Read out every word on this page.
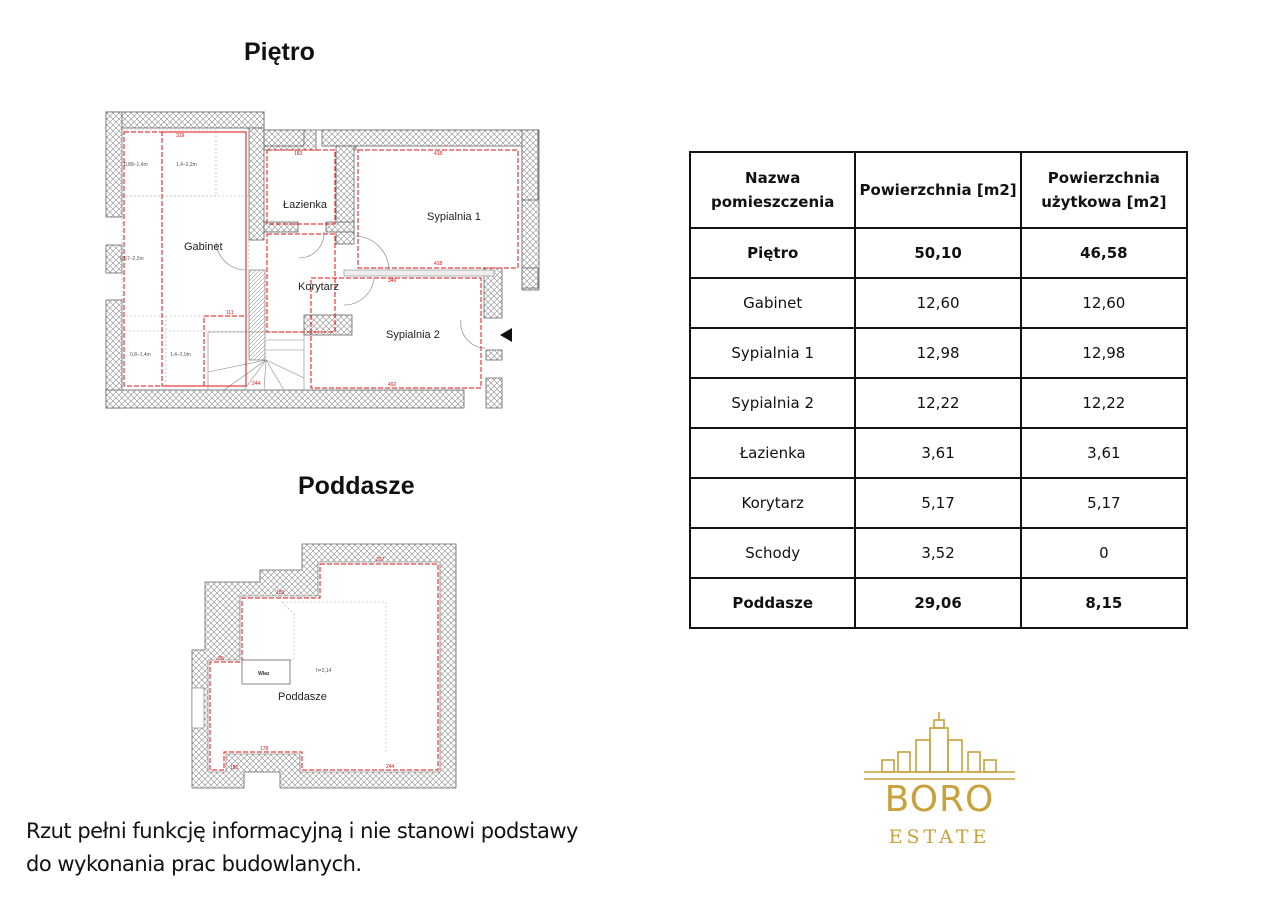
Piętro
319
183	418
418
346
492
244
111
Gabinet
Łazienka
Sypialnia 1
Korytarz
Sypialnia 2
0,88–1,4m	1,4–2,2m
0,57–2,2m
0,8–1,4m	1,4–2,0m
Poddasze
327
183
90
178
185	244
Właz	h=2,14
Poddasze
Nazwa pomieszczenia	Powierzchnia [m2]	Powierzchnia użytkowa [m2]
Piętro	50,10	46,58
Gabinet	12,60	12,60
Sypialnia 1	12,98	12,98
Sypialnia 2	12,22	12,22
Łazienka	3,61	3,61
Korytarz	5,17	5,17
Schody	3,52	0
Poddasze	29,06	8,15
BORO
ESTATE
Rzut pełni funkcję informacyjną i nie stanowi podstawy
do wykonania prac budowlanych.
